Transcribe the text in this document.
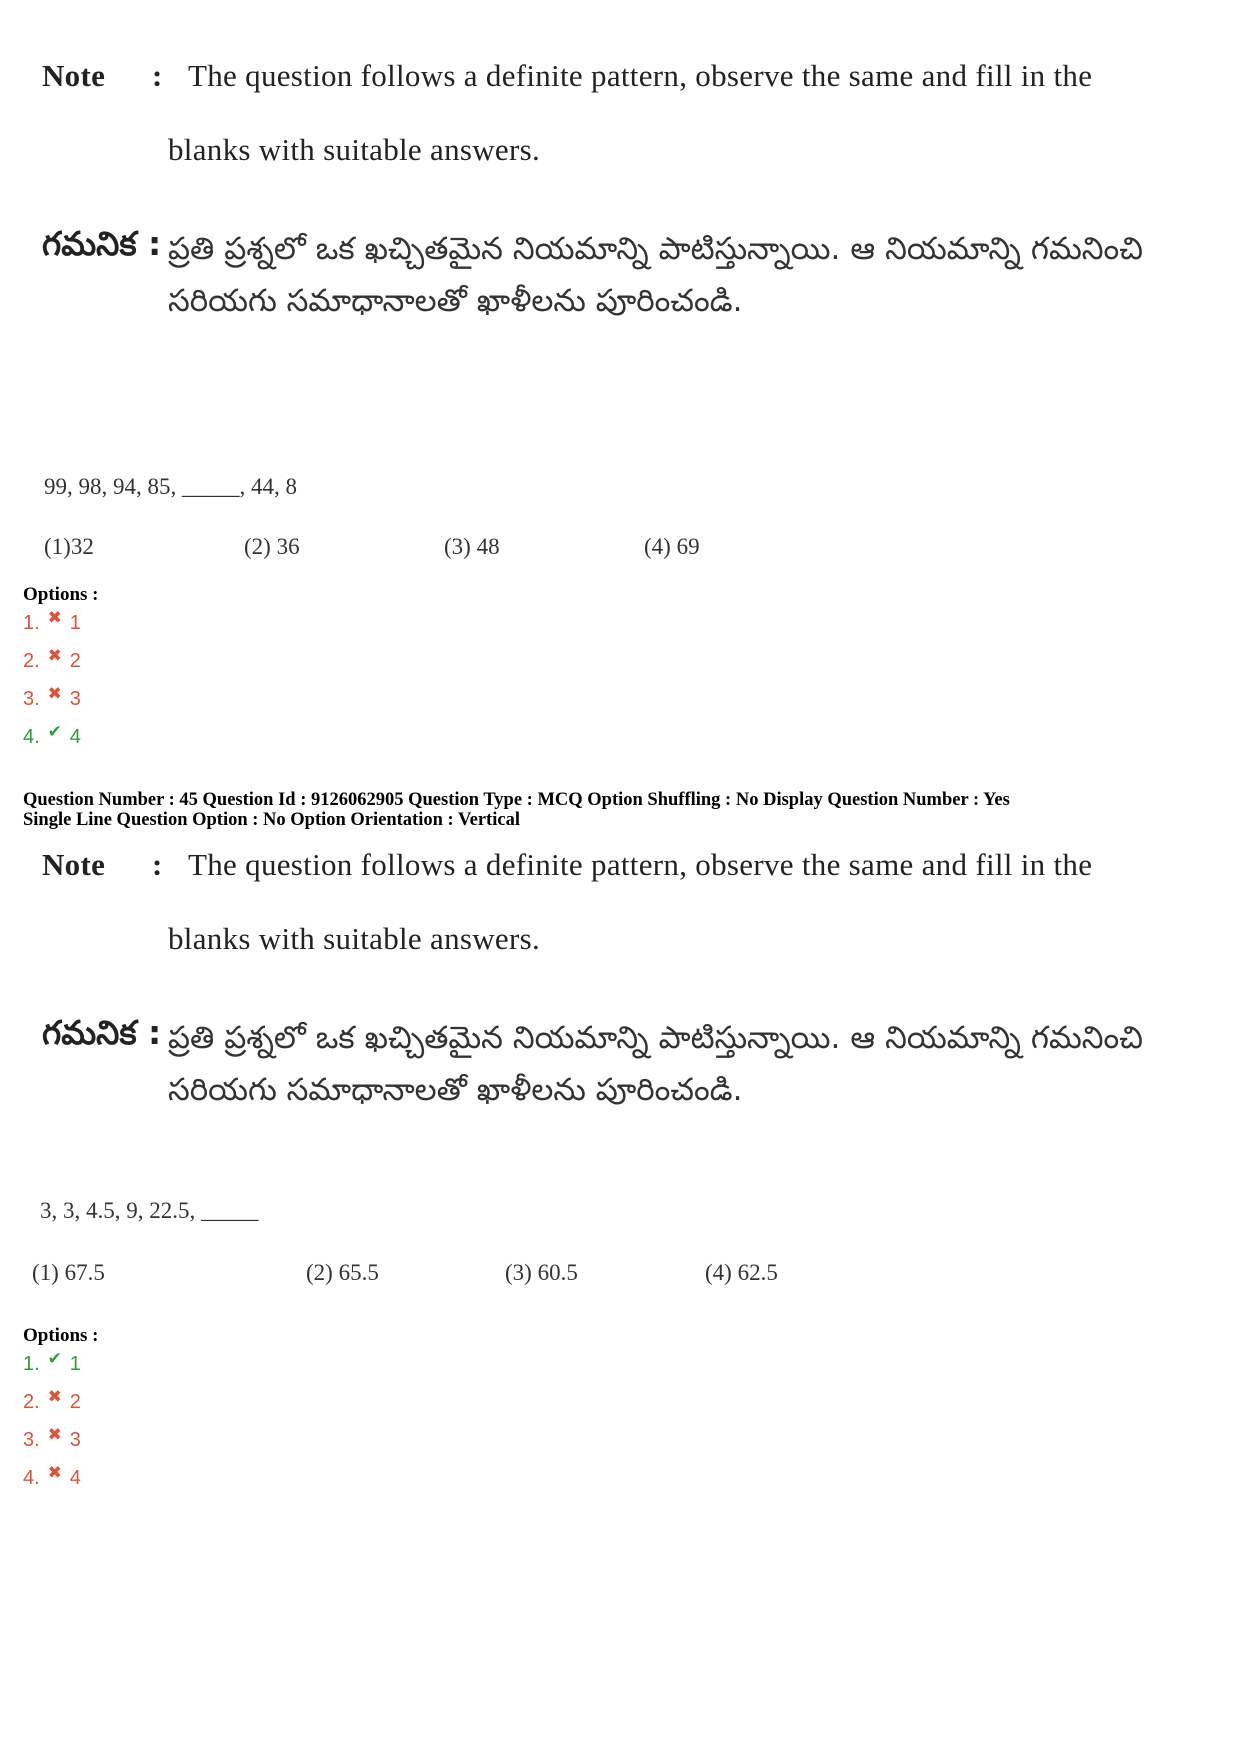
Note : The question follows a definite pattern, observe the same and fill in the
blanks with suitable answers.
గమనిక : ప్రతి ప్రశ్నలో ఒక ఖచ్చితమైన నియమాన్ని పాటిస్తున్నాయి. ఆ నియమాన్ని గమనించి సరియగు సమాధానాలతో ఖాళీలను పూరించండి.
99, 98, 94, 85, _____, 44, 8
(1)32	(2) 36	(3) 48	(4) 69
Options :
1. ✖ 1
2. ✖ 2
3. ✖ 3
4. ✔ 4
Question Number : 45 Question Id : 9126062905 Question Type : MCQ Option Shuffling : No Display Question Number : Yes
Single Line Question Option : No Option Orientation : Vertical
Note : The question follows a definite pattern, observe the same and fill in the
blanks with suitable answers.
గమనిక : ప్రతి ప్రశ్నలో ఒక ఖచ్చితమైన నియమాన్ని పాటిస్తున్నాయి. ఆ నియమాన్ని గమనించి సరియగు సమాధానాలతో ఖాళీలను పూరించండి.
3, 3, 4.5, 9, 22.5, _____
(1) 67.5	(2) 65.5	(3) 60.5	(4) 62.5
Options :
1. ✔ 1
2. ✖ 2
3. ✖ 3
4. ✖ 4
